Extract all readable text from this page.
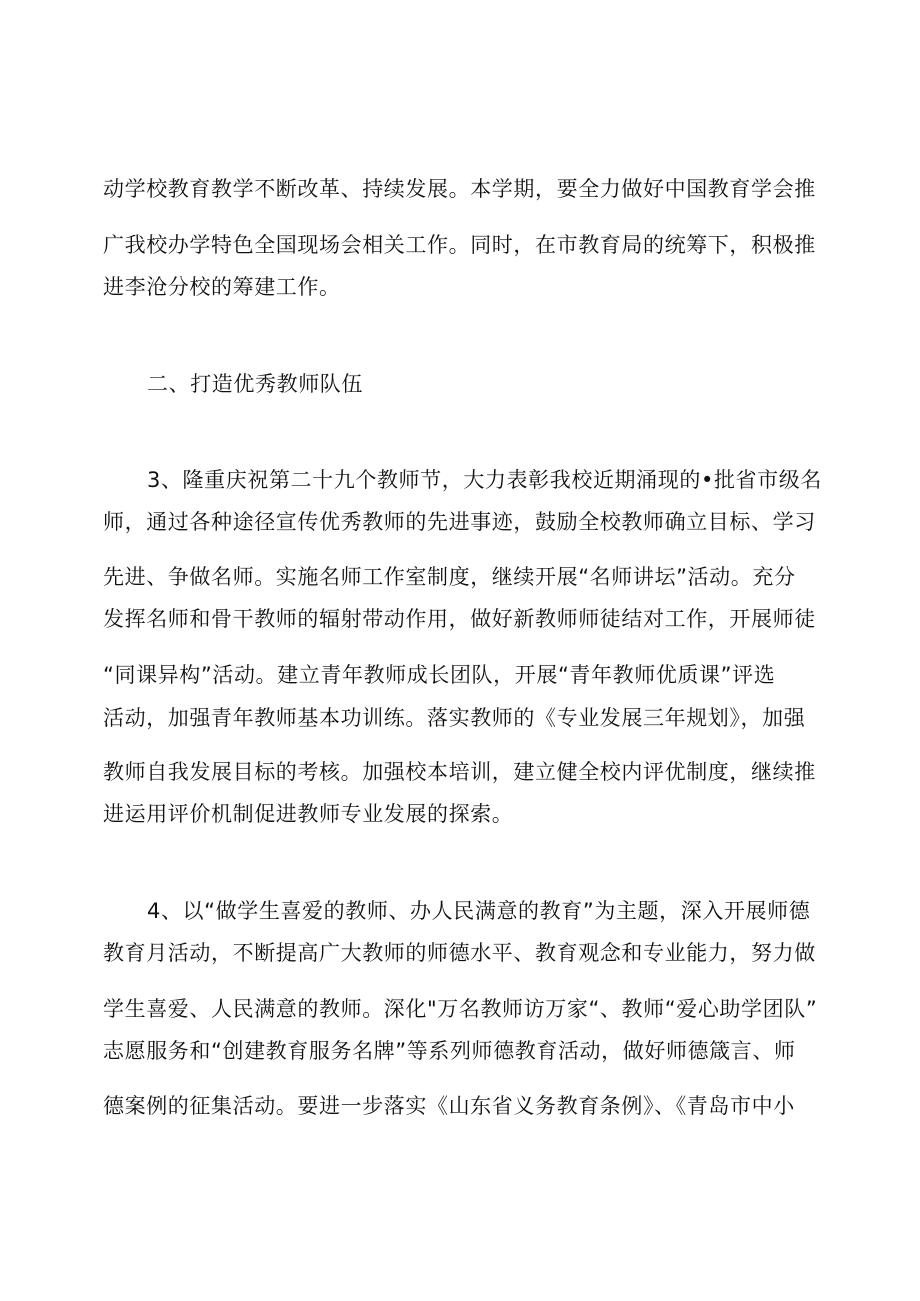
动学校教育教学不断改革、持续发展。本学期，要全力做好中国教育学会推
广我校办学特色全国现场会相关工作。同时，在市教育局的统筹下，积极推
进李沧分校的筹建工作。
二、打造优秀教师队伍
3、隆重庆祝第二十九个教师节，大力表彰我校近期涌现的•批省市级名
师，通过各种途径宣传优秀教师的先进事迹，鼓励全校教师确立目标、学习
先进、争做名师。实施名师工作室制度，继续开展“名师讲坛”活动。充分
发挥名师和骨干教师的辐射带动作用，做好新教师师徒结对工作，开展师徒
“同课异构”活动。建立青年教师成长团队，开展“青年教师优质课”评选
活动，加强青年教师基本功训练。落实教师的《专业发展三年规划》，加强
教师自我发展目标的考核。加强校本培训，建立健全校内评优制度，继续推
进运用评价机制促进教师专业发展的探索。
4、以“做学生喜爱的教师、办人民满意的教育”为主题，深入开展师德
教育月活动，不断提高广大教师的师德水平、教育观念和专业能力，努力做
学生喜爱、人民满意的教师。深化"万名教师访万家“、教师“爱心助学团队”
志愿服务和“创建教育服务名牌”等系列师德教育活动，做好师德箴言、师
德案例的征集活动。要进一步落实《山东省义务教育条例》、《青岛市中小
